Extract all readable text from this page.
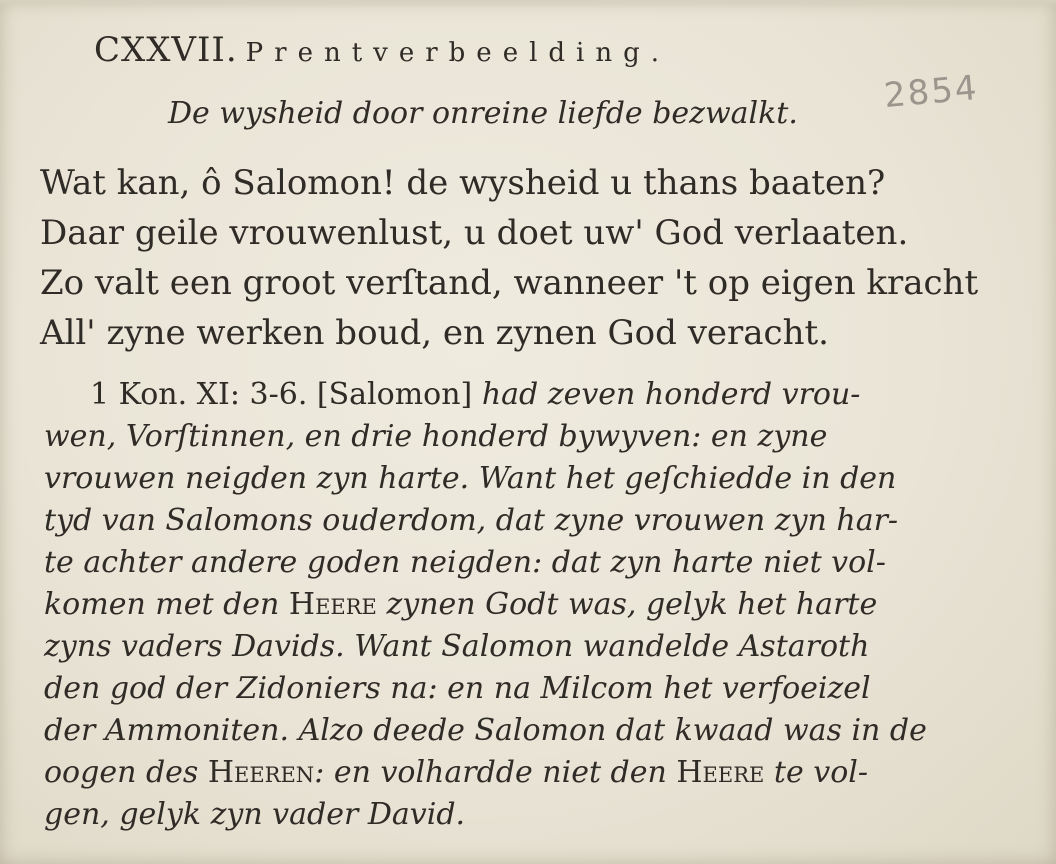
CXXVII. Prentverbeelding.
De wysheid door onreine liefde bezwalkt. 2854
Wat kan, ô Salomon! de wysheid u thans baaten?
Daar geile vrouwenlust, u doet uw' God verlaaten.
Zo valt een groot verſtand, wanneer 't op eigen kracht
All' zyne werken boud, en zynen God veracht.
1 Kon. XI: 3-6. [Salomon] had zeven honderd vrou-
wen, Vorſtinnen, en drie honderd bywyven: en zyne
vrouwen neigden zyn harte. Want het geſchiedde in den
tyd van Salomons ouderdom, dat zyne vrouwen zyn har-
te achter andere goden neigden: dat zyn harte niet vol-
komen met den Heere zynen Godt was, gelyk het harte
zyns vaders Davids. Want Salomon wandelde Astaroth
den god der Zidoniers na: en na Milcom het verfoeizel
der Ammoniten. Alzo deede Salomon dat kwaad was in de
oogen des Heeren: en volhardde niet den Heere te vol-
gen, gelyk zyn vader David.
